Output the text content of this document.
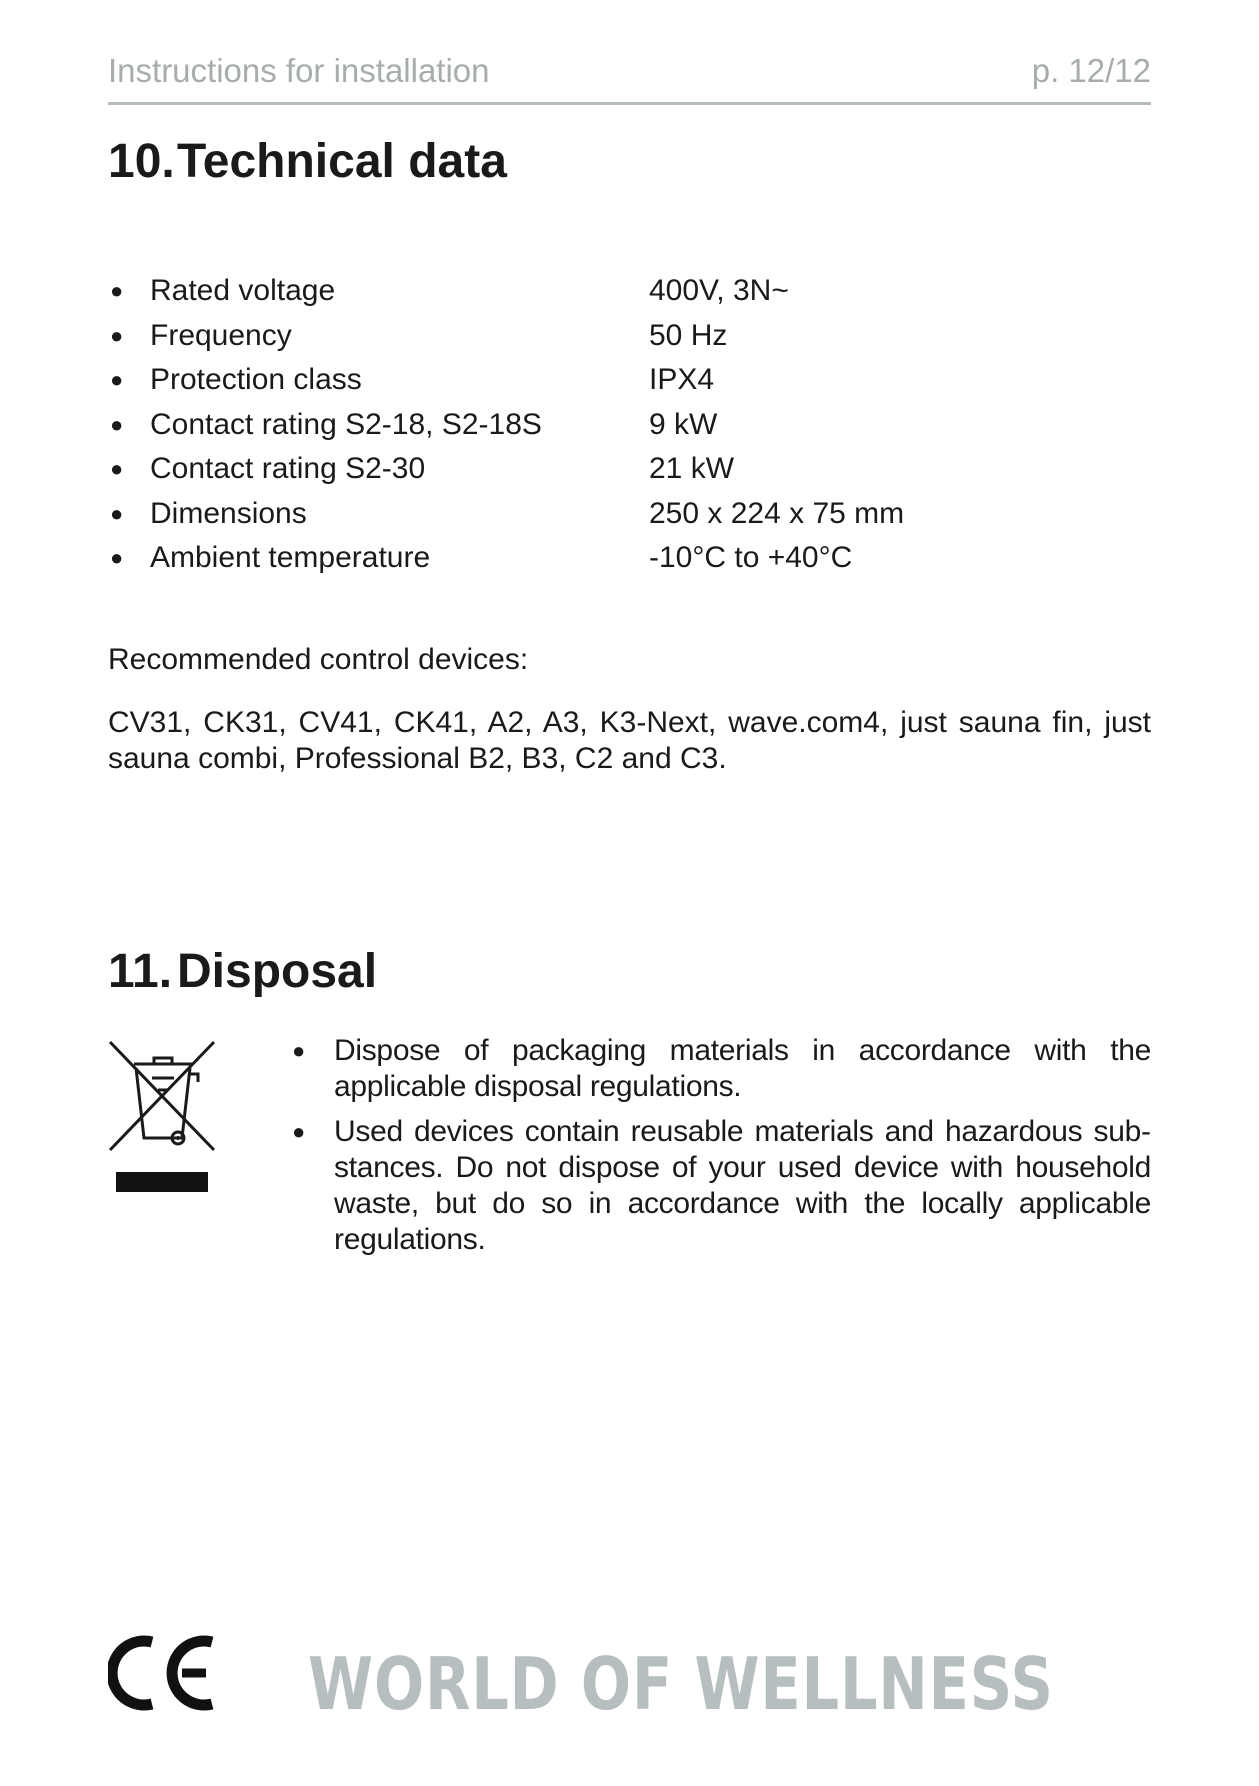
Instructions for installation	p. 12/12
10.Technical data
● Rated voltage	400V, 3N~
● Frequency	50 Hz
● Protection class	IPX4
● Contact rating S2-18, S2-18S	9 kW
● Contact rating S2-30	21 kW
● Dimensions	250 x 224 x 75 mm
● Ambient temperature	-10°C to +40°C
Recommended control devices:
CV31, CK31, CV41, CK41, A2, A3, K3-Next, wave.com4, just sauna fin, just sauna combi, Professional B2, B3, C2 and C3.
11. Disposal
● Dispose of packaging materials in accordance with the applicable disposal regulations.
● Used devices contain reusable materials and hazardous substances. Do not dispose of your used device with household waste, but do so in accordance with the locally applicable regulations.
WORLD OF WELLNESS
